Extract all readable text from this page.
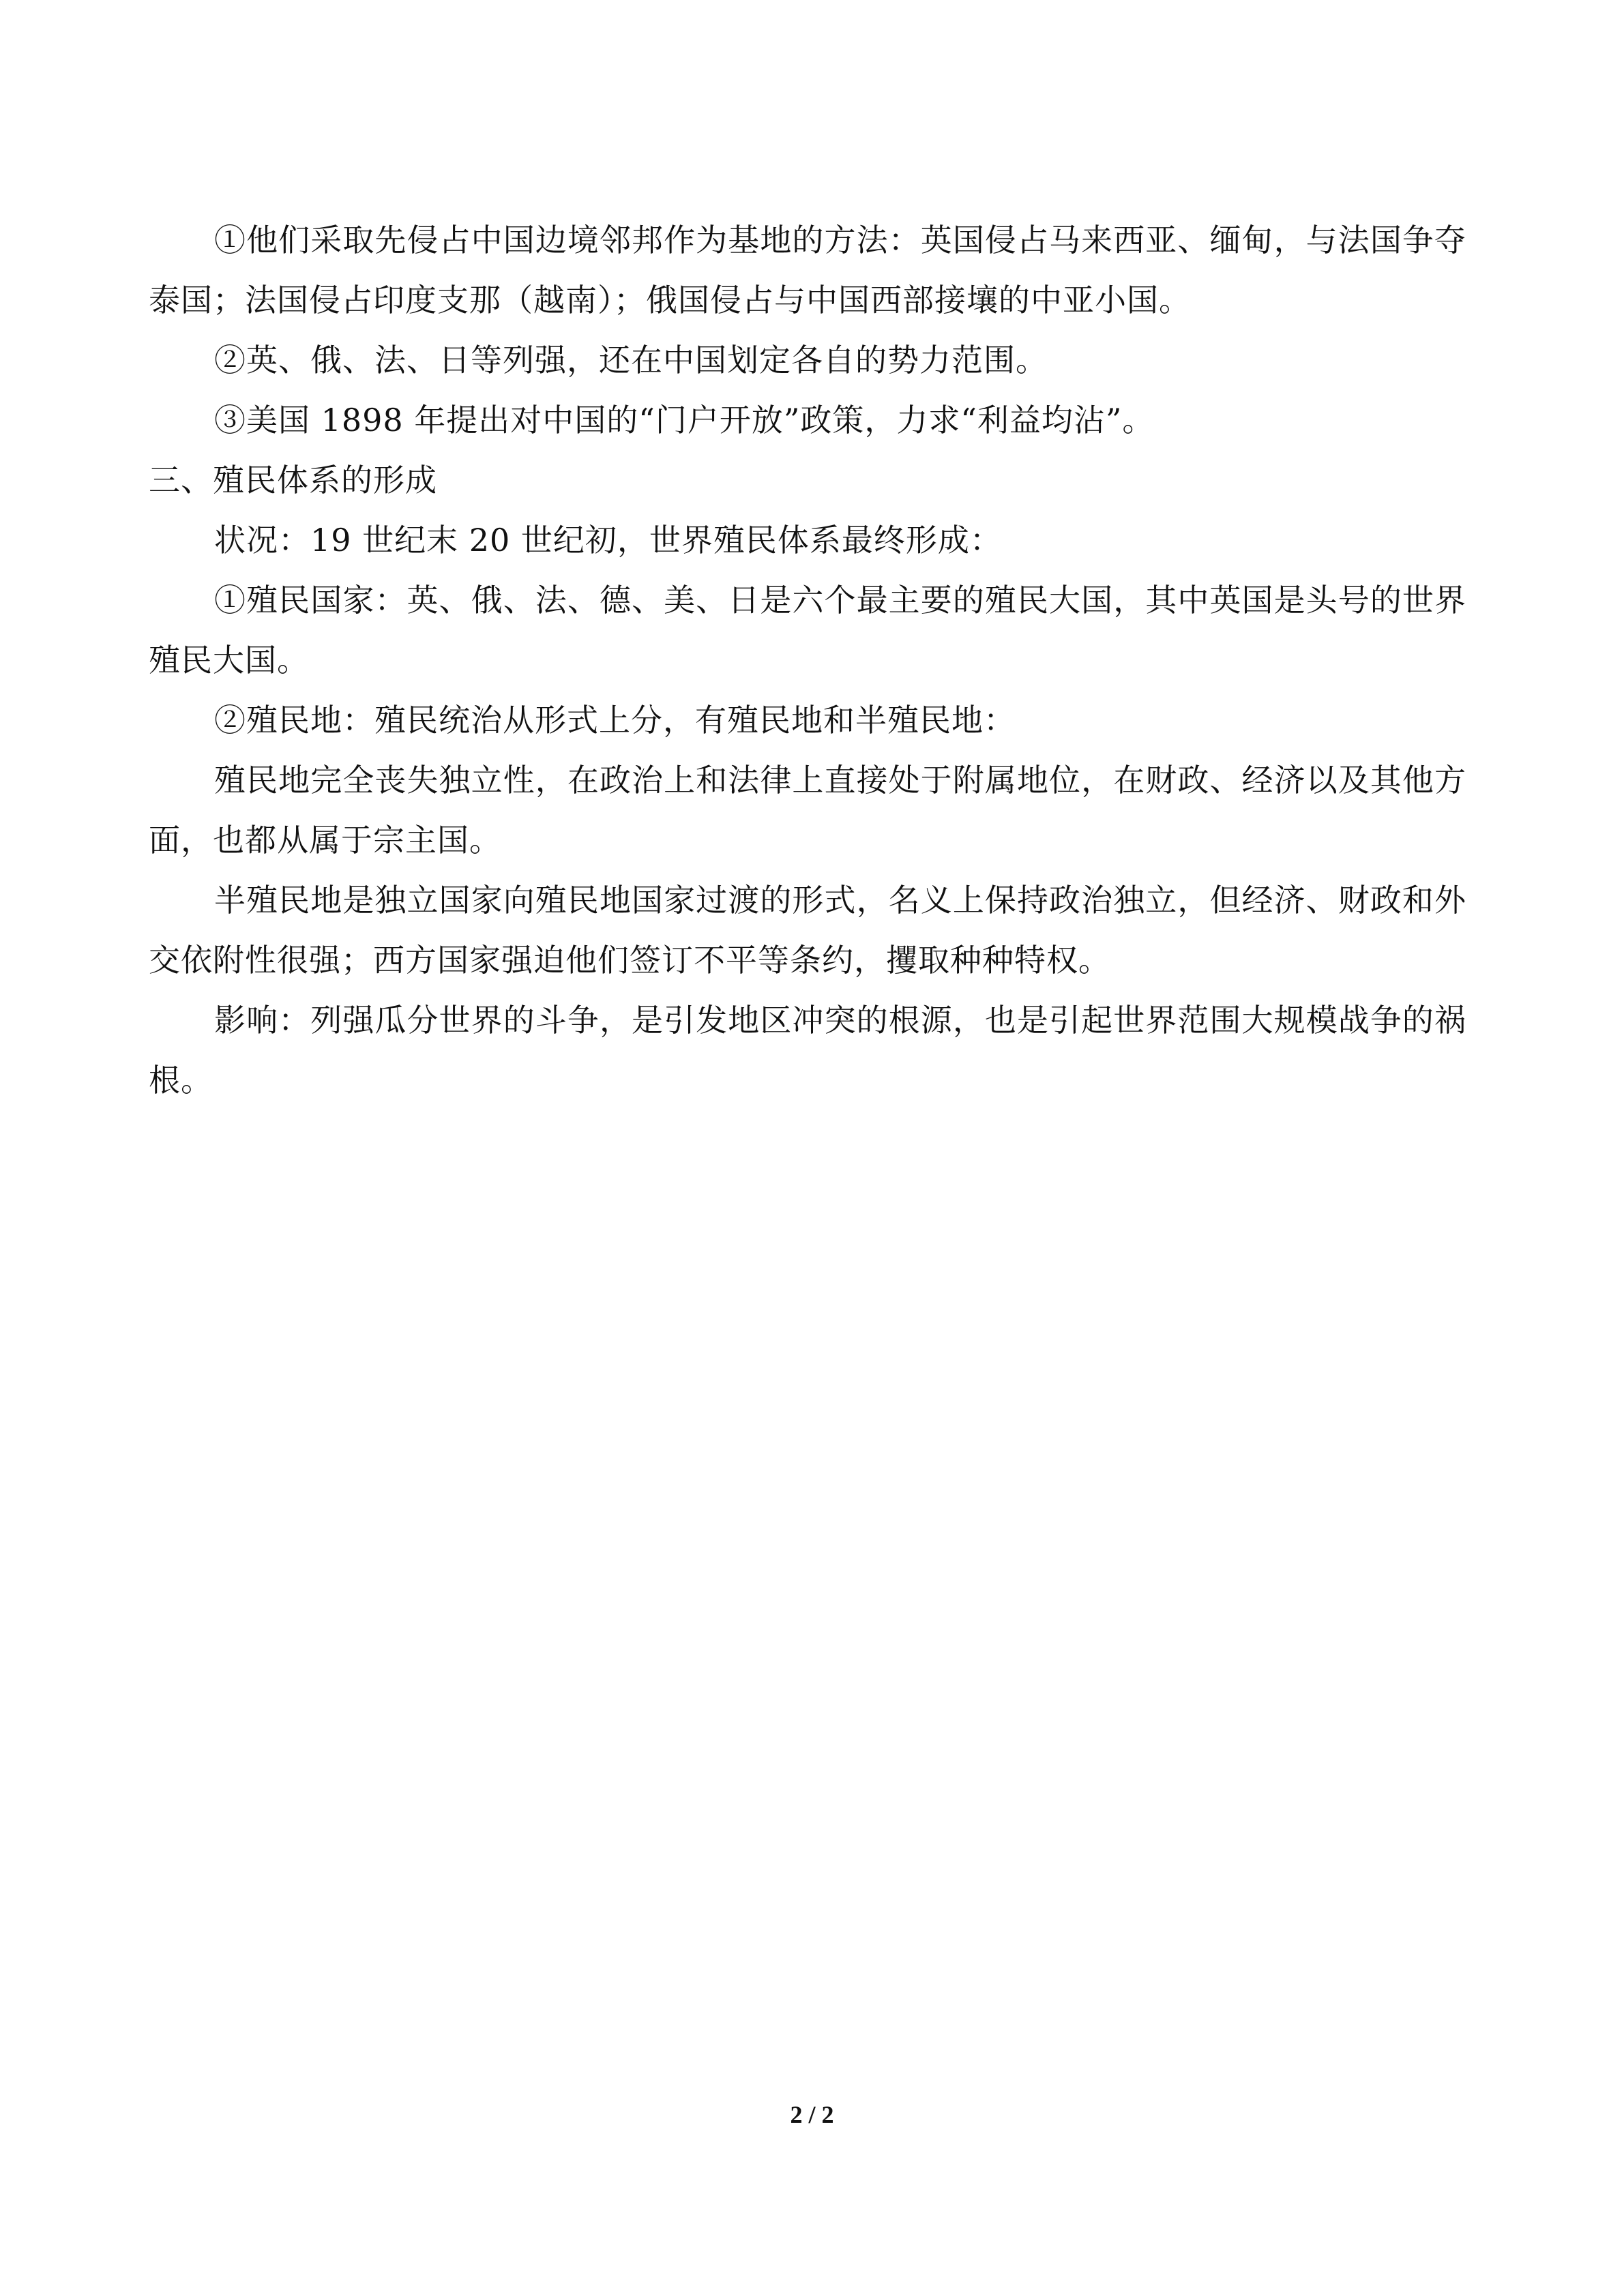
①他们采取先侵占中国边境邻邦作为基地的方法：英国侵占马来西亚、缅甸，与法国争夺泰国；法国侵占印度支那（越南）；俄国侵占与中国西部接壤的中亚小国。

②英、俄、法、日等列强，还在中国划定各自的势力范围。

③美国 1898 年提出对中国的“门户开放”政策，力求“利益均沾”。

三、殖民体系的形成

状况：19 世纪末 20 世纪初，世界殖民体系最终形成：

①殖民国家：英、俄、法、德、美、日是六个最主要的殖民大国，其中英国是头号的世界殖民大国。

②殖民地：殖民统治从形式上分，有殖民地和半殖民地：

殖民地完全丧失独立性，在政治上和法律上直接处于附属地位，在财政、经济以及其他方面，也都从属于宗主国。

半殖民地是独立国家向殖民地国家过渡的形式，名义上保持政治独立，但经济、财政和外交依附性很强；西方国家强迫他们签订不平等条约，攫取种种特权。

影响：列强瓜分世界的斗争，是引发地区冲突的根源，也是引起世界范围大规模战争的祸根。

2 / 2
